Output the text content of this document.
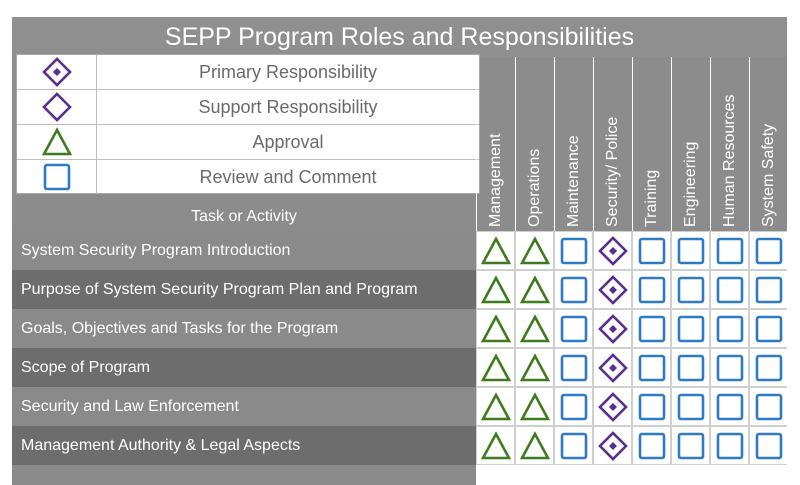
SEPP Program Roles and Responsibilities
Primary Responsibility
Support Responsibility
Approval
Review and Comment
Task or Activity	Management Operations Maintenance Security/ Police Training Engineering Human Resources System Safety
System Security Program Introduction
Purpose of System Security Program Plan and Program
Goals, Objectives and Tasks for the Program
Scope of Program
Security and Law Enforcement
Management Authority & Legal Aspects
